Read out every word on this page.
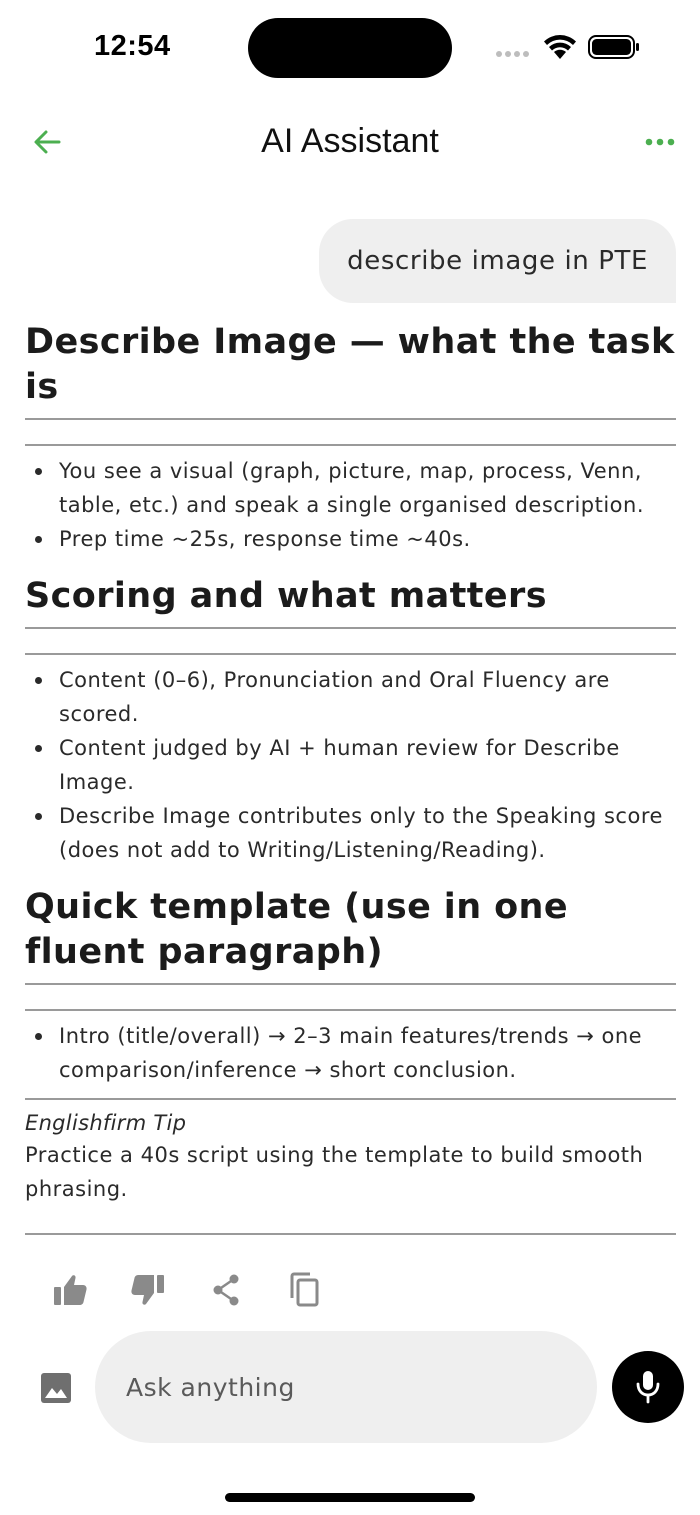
12:54
AI Assistant
describe image in PTE
Describe Image — what the task is
You see a visual (graph, picture, map, process, Venn, table, etc.) and speak a single organised description.
Prep time ~25s, response time ~40s.
Scoring and what matters
Content (0–6), Pronunciation and Oral Fluency are scored.
Content judged by AI + human review for Describe Image.
Describe Image contributes only to the Speaking score (does not add to Writing/Listening/Reading).
Quick template (use in one fluent paragraph)
Intro (title/overall) → 2–3 main features/trends → one comparison/inference → short conclusion.
Englishfirm Tip
Practice a 40s script using the template to build smooth phrasing.
Ask anything
